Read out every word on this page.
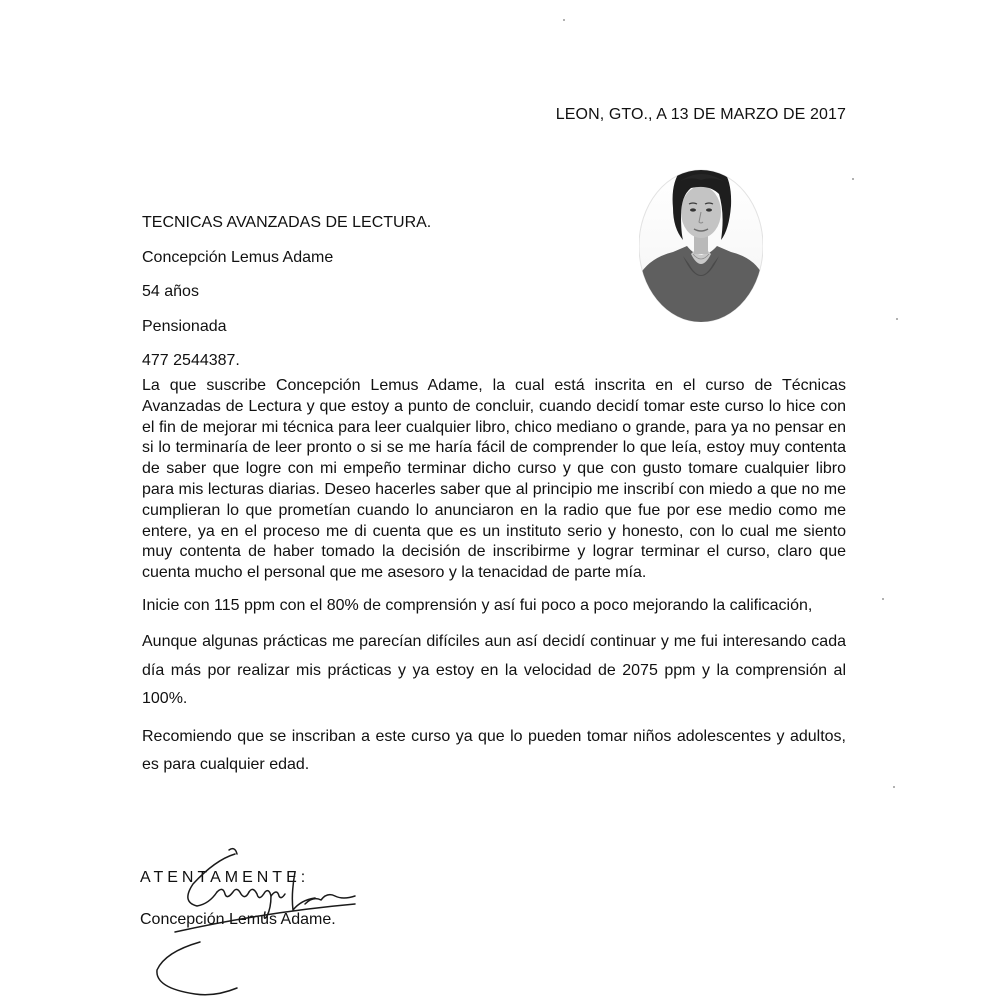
LEON, GTO., A 13 DE MARZO DE 2017
TECNICAS AVANZADAS DE LECTURA.
Concepción Lemus Adame
54 años
Pensionada
477 2544387.
La que suscribe Concepción Lemus Adame, la cual está inscrita en el curso de Técnicas Avanzadas de Lectura y que estoy a punto de concluir, cuando decidí tomar este curso lo hice con el fin de mejorar mi técnica para leer cualquier libro, chico mediano o grande, para ya no pensar en si lo terminaría de leer pronto o si se me haría fácil de comprender lo que leía, estoy muy contenta de saber que logre con mi empeño terminar dicho curso y que con gusto tomare cualquier libro para mis lecturas diarias. Deseo hacerles saber que al principio me inscribí con miedo a que no me cumplieran lo que prometían cuando lo anunciaron en la radio que fue por ese medio como me entere, ya en el proceso me di cuenta que es un instituto serio y honesto, con lo cual me siento muy contenta de haber tomado la decisión de inscribirme y lograr terminar el curso, claro que cuenta mucho el personal que me asesoro y la tenacidad de parte mía.
Inicie con 115 ppm con el 80% de comprensión y así fui poco a poco mejorando la calificación,
Aunque algunas prácticas me parecían difíciles aun así decidí continuar y me fui interesando cada día más por realizar mis prácticas y ya estoy en la velocidad de 2075 ppm y la comprensión al 100%.
Recomiendo que se inscriban a este curso ya que lo pueden tomar niños adolescentes y adultos, es para cualquier edad.
ATENTAMENTE:
Concepción Lemus Adame.
